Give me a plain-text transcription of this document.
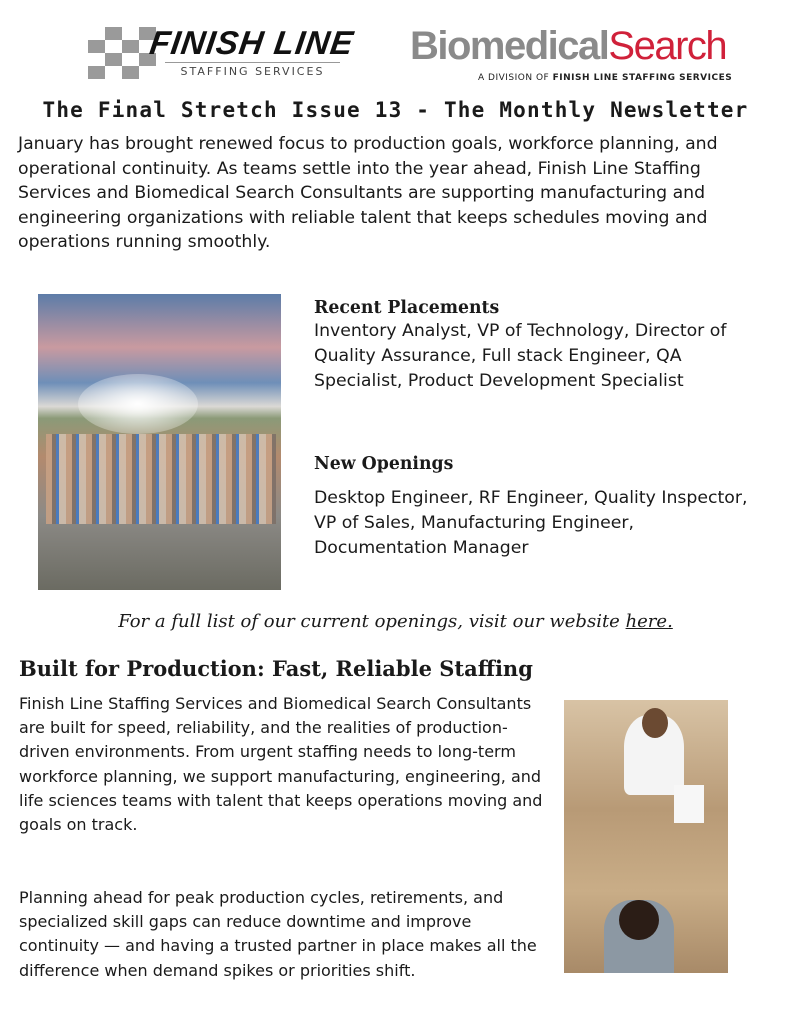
FINISH LINE
STAFFING SERVICES
BiomedicalSearch
A DIVISION OF FINISH LINE STAFFING SERVICES
The Final Stretch Issue 13 - The Monthly Newsletter
January has brought renewed focus to production goals, workforce planning, and operational continuity. As teams settle into the year ahead, Finish Line Staffing Services and Biomedical Search Consultants are supporting manufacturing and engineering organizations with reliable talent that keeps schedules moving and operations running smoothly.
Recent Placements
Inventory Analyst, VP of Technology, Director of Quality Assurance, Full stack Engineer, QA Specialist, Product Development Specialist
New Openings
Desktop Engineer, RF Engineer, Quality Inspector, VP of Sales, Manufacturing Engineer, Documentation Manager
For a full list of our current openings, visit our website here.
Built for Production: Fast, Reliable Staffing
Finish Line Staffing Services and Biomedical Search Consultants are built for speed, reliability, and the realities of production-driven environments. From urgent staffing needs to long-term workforce planning, we support manufacturing, engineering, and life sciences teams with talent that keeps operations moving and goals on track.
Planning ahead for peak production cycles, retirements, and specialized skill gaps can reduce downtime and improve continuity — and having a trusted partner in place makes all the difference when demand spikes or priorities shift.
